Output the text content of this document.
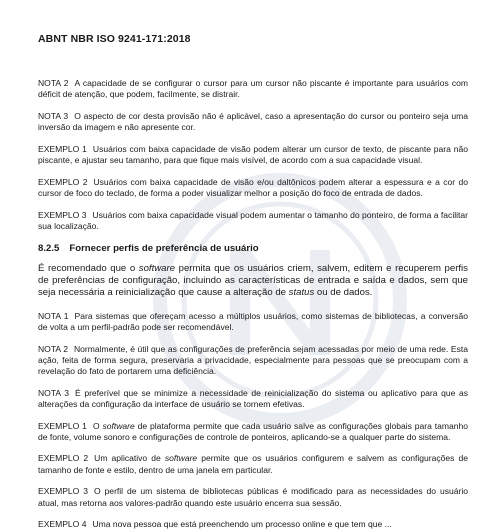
ABNT NBR ISO 9241-171:2018

NOTA 2 A capacidade de se configurar o cursor para um cursor não piscante é importante para usuários com déficit de atenção, que podem, facilmente, se distrair.

NOTA 3 O aspecto de cor desta provisão não é aplicável, caso a apresentação do cursor ou ponteiro seja uma inversão da imagem e não apresente cor.

EXEMPLO 1 Usuários com baixa capacidade de visão podem alterar um cursor de texto, de piscante para não piscante, e ajustar seu tamanho, para que fique mais visível, de acordo com a sua capacidade visual.

EXEMPLO 2 Usuários com baixa capacidade de visão e/ou daltônicos podem alterar a espessura e a cor do cursor de foco do teclado, de forma a poder visualizar melhor a posição do foco de entrada de dados.

EXEMPLO 3 Usuários com baixa capacidade visual podem aumentar o tamanho do ponteiro, de forma a facilitar sua localização.

8.2.5 Fornecer perfis de preferência de usuário

É recomendado que o software permita que os usuários criem, salvem, editem e recuperem perfis de preferências de configuração, incluindo as características de entrada e saída e dados, sem que seja necessária a reinicialização que cause a alteração de status ou de dados.

NOTA 1 Para sistemas que ofereçam acesso a múltiplos usuários, como sistemas de bibliotecas, a conversão de volta a um perfil-padrão pode ser recomendável.

NOTA 2 Normalmente, é útil que as configurações de preferência sejam acessadas por meio de uma rede. Esta ação, feita de forma segura, preservaria a privacidade, especialmente para pessoas que se preocupam com a revelação do fato de portarem uma deficiência.

NOTA 3 É preferível que se minimize a necessidade de reinicialização do sistema ou aplicativo para que as alterações da configuração da interface de usuário se tornem efetivas.

EXEMPLO 1 O software de plataforma permite que cada usuário salve as configurações globais para tamanho de fonte, volume sonoro e configurações de controle de ponteiros, aplicando-se a qualquer parte do sistema.

EXEMPLO 2 Um aplicativo de software permite que os usuários configurem e salvem as configurações de tamanho de fonte e estilo, dentro de uma janela em particular.

EXEMPLO 3 O perfil de um sistema de bibliotecas públicas é modificado para as necessidades do usuário atual, mas retorna aos valores-padrão quando este usuário encerra sua sessão.

EXEMPLO 4 Uma nova pessoa que está preenchendo um processo online e que tem que ...
